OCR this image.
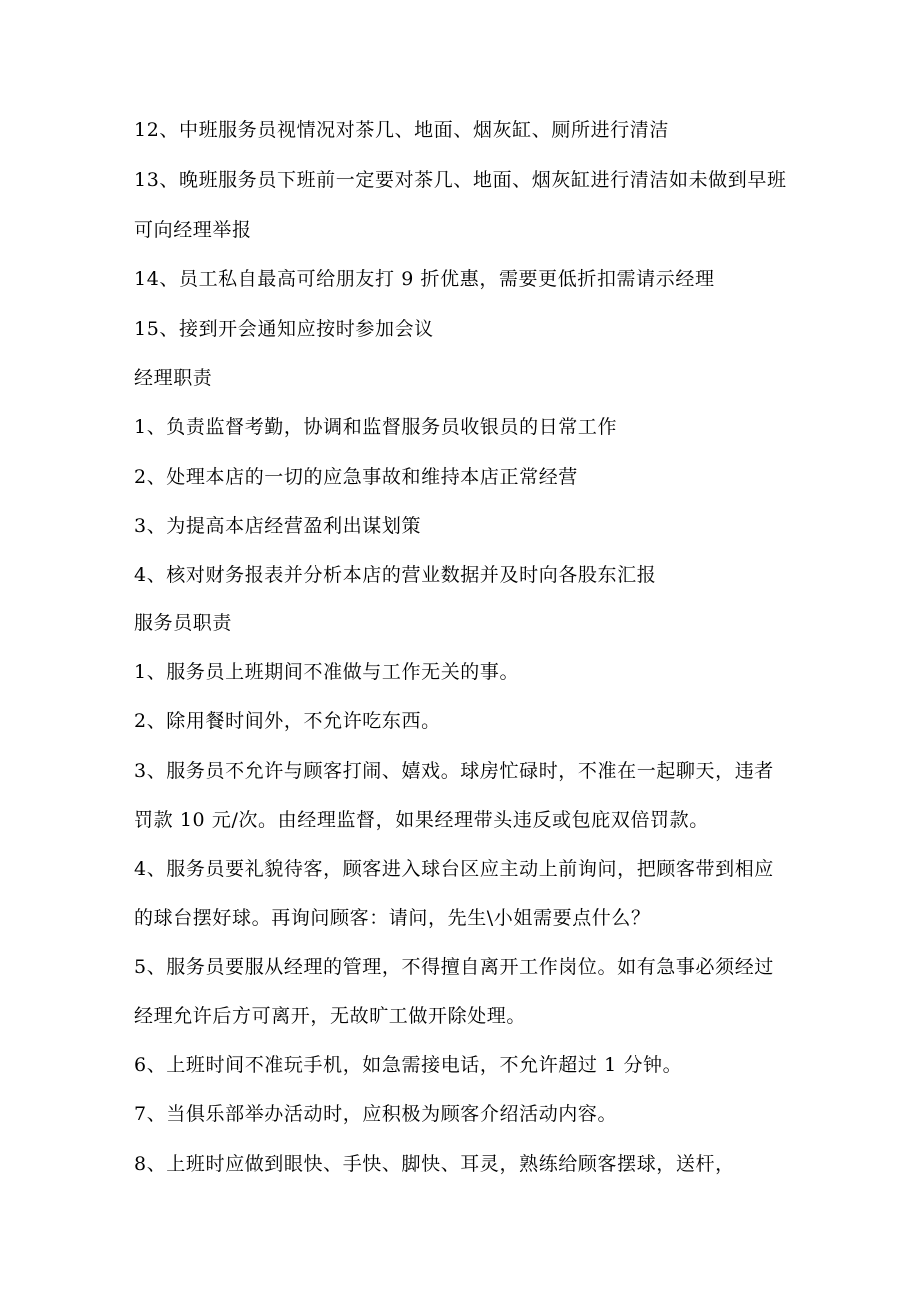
12、中班服务员视情况对茶几、地面、烟灰缸、厕所进行清洁
13、晚班服务员下班前一定要对茶几、地面、烟灰缸进行清洁如未做到早班
可向经理举报
14、员工私自最高可给朋友打 9 折优惠，需要更低折扣需请示经理
15、接到开会通知应按时参加会议
经理职责
1、负责监督考勤，协调和监督服务员收银员的日常工作
2、处理本店的一切的应急事故和维持本店正常经营
3、为提高本店经营盈利出谋划策
4、核对财务报表并分析本店的营业数据并及时向各股东汇报
服务员职责
1、服务员上班期间不准做与工作无关的事。
2、除用餐时间外，不允许吃东西。
3、服务员不允许与顾客打闹、嬉戏。球房忙碌时，不准在一起聊天，违者
罚款 10 元/次。由经理监督，如果经理带头违反或包庇双倍罚款。
4、服务员要礼貌待客，顾客进入球台区应主动上前询问，把顾客带到相应
的球台摆好球。再询问顾客：请问，先生\小姐需要点什么？
5、服务员要服从经理的管理，不得擅自离开工作岗位。如有急事必须经过
经理允许后方可离开，无故旷工做开除处理。
6、上班时间不准玩手机，如急需接电话，不允许超过 1 分钟。
7、当俱乐部举办活动时，应积极为顾客介绍活动内容。
8、上班时应做到眼快、手快、脚快、耳灵，熟练给顾客摆球，送杆，
